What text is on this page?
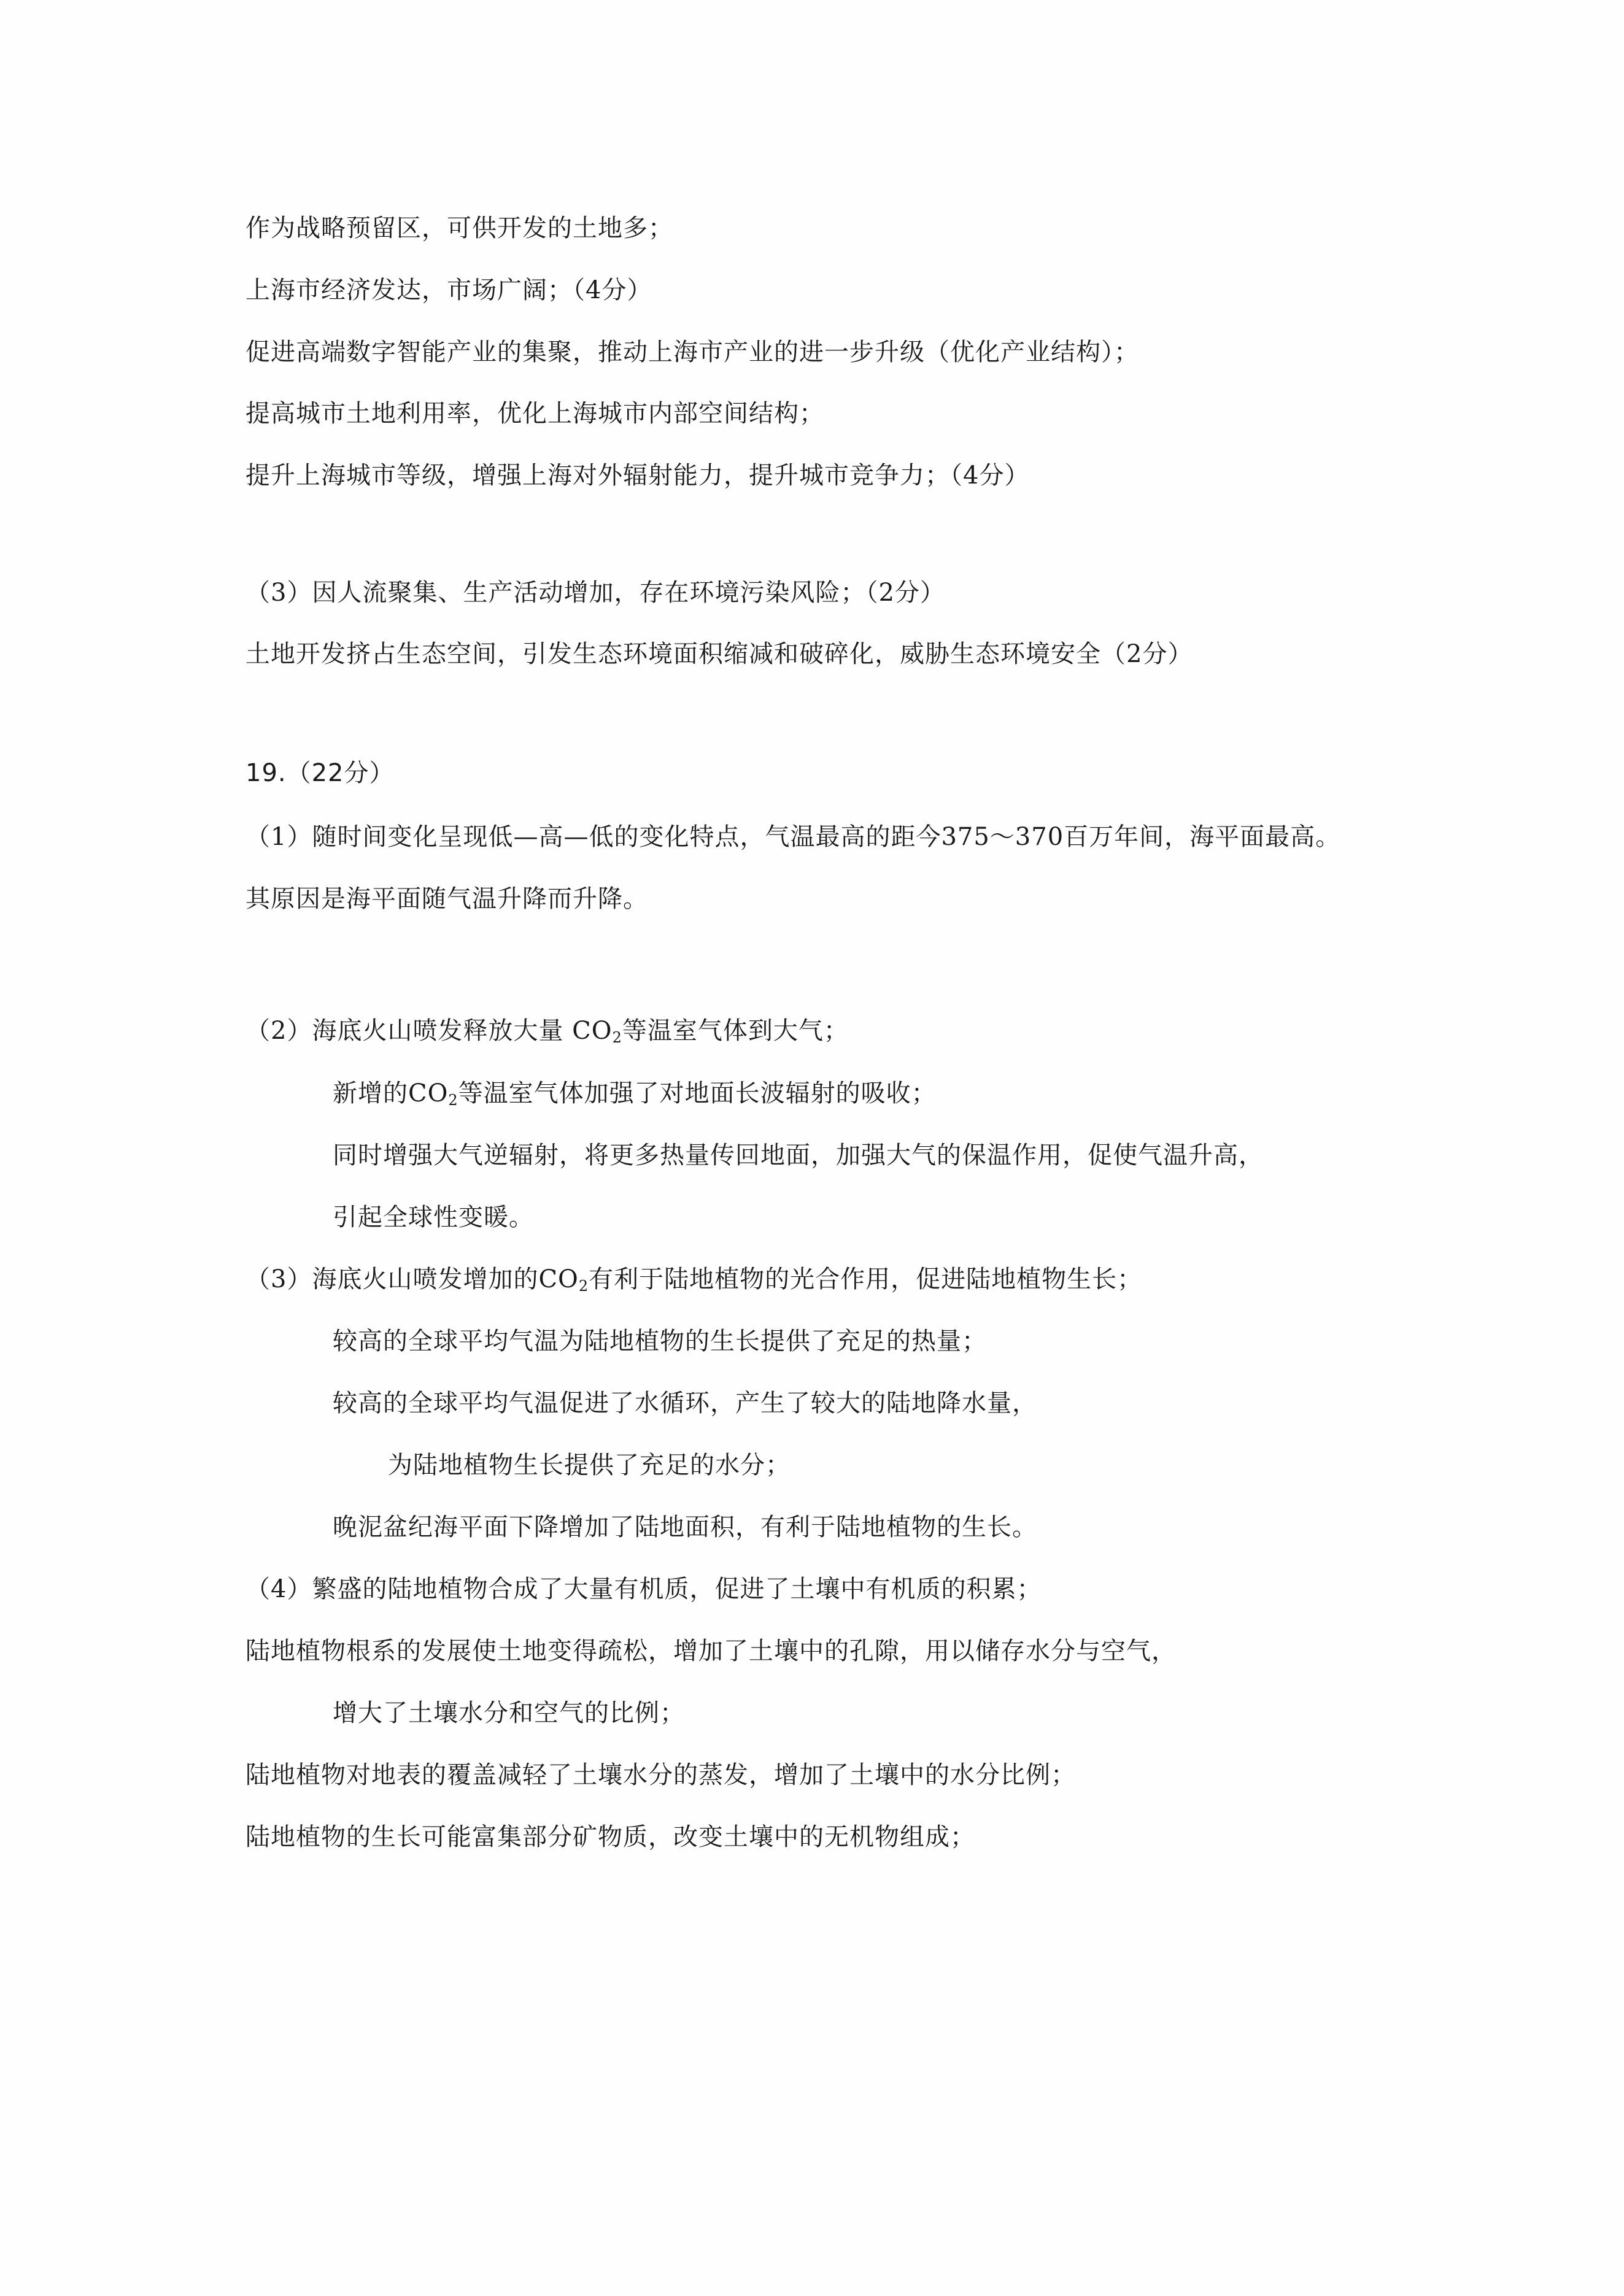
作为战略预留区，可供开发的土地多；
上海市经济发达，市场广阔；（4分）
促进高端数字智能产业的集聚，推动上海市产业的进一步升级（优化产业结构）；
提高城市土地利用率，优化上海城市内部空间结构；
提升上海城市等级，增强上海对外辐射能力，提升城市竞争力；（4分）
（3）因人流聚集、生产活动增加，存在环境污染风险；（2分）
土地开发挤占生态空间，引发生态环境面积缩减和破碎化，威胁生态环境安全（2分）
19.（22分）
（1）随时间变化呈现低—高—低的变化特点，气温最高的距今375～370百万年间，海平面最高。
其原因是海平面随气温升降而升降。
（2）海底火山喷发释放大量 $CO_2$等温室气体到大气；
新增的$CO_2$等温室气体加强了对地面长波辐射的吸收；
同时增强大气逆辐射，将更多热量传回地面，加强大气的保温作用，促使气温升高，
引起全球性变暖。
（3）海底火山喷发增加的$CO_2$有利于陆地植物的光合作用，促进陆地植物生长；
较高的全球平均气温为陆地植物的生长提供了充足的热量；
较高的全球平均气温促进了水循环，产生了较大的陆地降水量，
为陆地植物生长提供了充足的水分；
晚泥盆纪海平面下降增加了陆地面积，有利于陆地植物的生长。
（4）繁盛的陆地植物合成了大量有机质，促进了土壤中有机质的积累；
陆地植物根系的发展使土地变得疏松，增加了土壤中的孔隙，用以储存水分与空气，
增大了土壤水分和空气的比例；
陆地植物对地表的覆盖减轻了土壤水分的蒸发，增加了土壤中的水分比例；
陆地植物的生长可能富集部分矿物质，改变土壤中的无机物组成；
